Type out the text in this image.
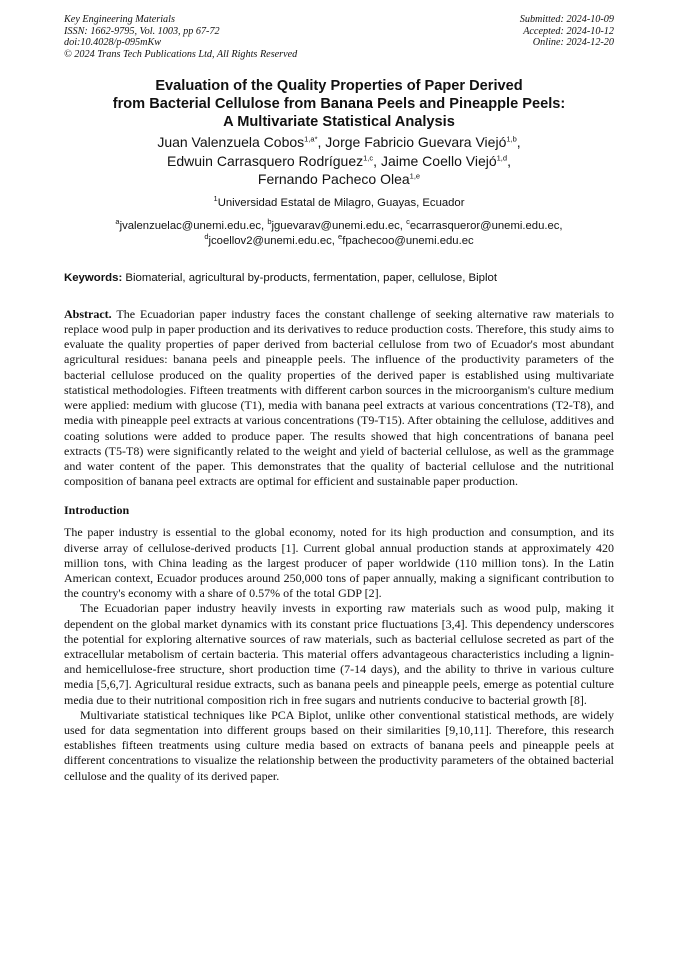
Key Engineering Materials
ISSN: 1662-9795, Vol. 1003, pp 67-72
doi:10.4028/p-095mKw
© 2024 Trans Tech Publications Ltd, All Rights Reserved
Submitted: 2024-10-09
Accepted: 2024-10-12
Online: 2024-12-20
Evaluation of the Quality Properties of Paper Derived
from Bacterial Cellulose from Banana Peels and Pineapple Peels:
A Multivariate Statistical Analysis
Juan Valenzuela Cobos$^{1,a*}$, Jorge Fabricio Guevara Viejó$^{1,b}$,
Edwuin Carrasquero Rodríguez$^{1,c}$, Jaime Coello Viejó$^{1,d}$,
Fernando Pacheco Olea$^{1,e}$
$^1$Universidad Estatal de Milagro, Guayas, Ecuador
$^a$jvalenzuelac@unemi.edu.ec, $^b$jguevarav@unemi.edu.ec, $^c$ecarrasqueror@unemi.edu.ec,
$^d$jcoellov2@unemi.edu.ec, $^e$fpachecoo@unemi.edu.ec
Keywords: Biomaterial, agricultural by-products, fermentation, paper, cellulose, Biplot
Abstract. The Ecuadorian paper industry faces the constant challenge of seeking alternative raw materials to replace wood pulp in paper production and its derivatives to reduce production costs. Therefore, this study aims to evaluate the quality properties of paper derived from bacterial cellulose from two of Ecuador's most abundant agricultural residues: banana peels and pineapple peels. The influence of the productivity parameters of the bacterial cellulose produced on the quality properties of the derived paper is established using multivariate statistical methodologies. Fifteen treatments with different carbon sources in the microorganism's culture medium were applied: medium with glucose (T1), media with banana peel extracts at various concentrations (T2-T8), and media with pineapple peel extracts at various concentrations (T9-T15). After obtaining the cellulose, additives and coating solutions were added to produce paper. The results showed that high concentrations of banana peel extracts (T5-T8) were significantly related to the weight and yield of bacterial cellulose, as well as the grammage and water content of the paper. This demonstrates that the quality of bacterial cellulose and the nutritional composition of banana peel extracts are optimal for efficient and sustainable paper production.
Introduction
The paper industry is essential to the global economy, noted for its high production and consumption, and its diverse array of cellulose-derived products [1]. Current global annual production stands at approximately 420 million tons, with China leading as the largest producer of paper worldwide (110 million tons). In the Latin American context, Ecuador produces around 250,000 tons of paper annually, making a significant contribution to the country's economy with a share of 0.57% of the total GDP [2].
The Ecuadorian paper industry heavily invests in exporting raw materials such as wood pulp, making it dependent on the global market dynamics with its constant price fluctuations [3,4]. This dependency underscores the potential for exploring alternative sources of raw materials, such as bacterial cellulose secreted as part of the extracellular metabolism of certain bacteria. This material offers advantageous characteristics including a lignin- and hemicellulose-free structure, short production time (7-14 days), and the ability to thrive in various culture media [5,6,7]. Agricultural residue extracts, such as banana peels and pineapple peels, emerge as potential culture media due to their nutritional composition rich in free sugars and nutrients conducive to bacterial growth [8].
Multivariate statistical techniques like PCA Biplot, unlike other conventional statistical methods, are widely used for data segmentation into different groups based on their similarities [9,10,11]. Therefore, this research establishes fifteen treatments using culture media based on extracts of banana peels and pineapple peels at different concentrations to visualize the relationship between the productivity parameters of the obtained bacterial cellulose and the quality of its derived paper.
